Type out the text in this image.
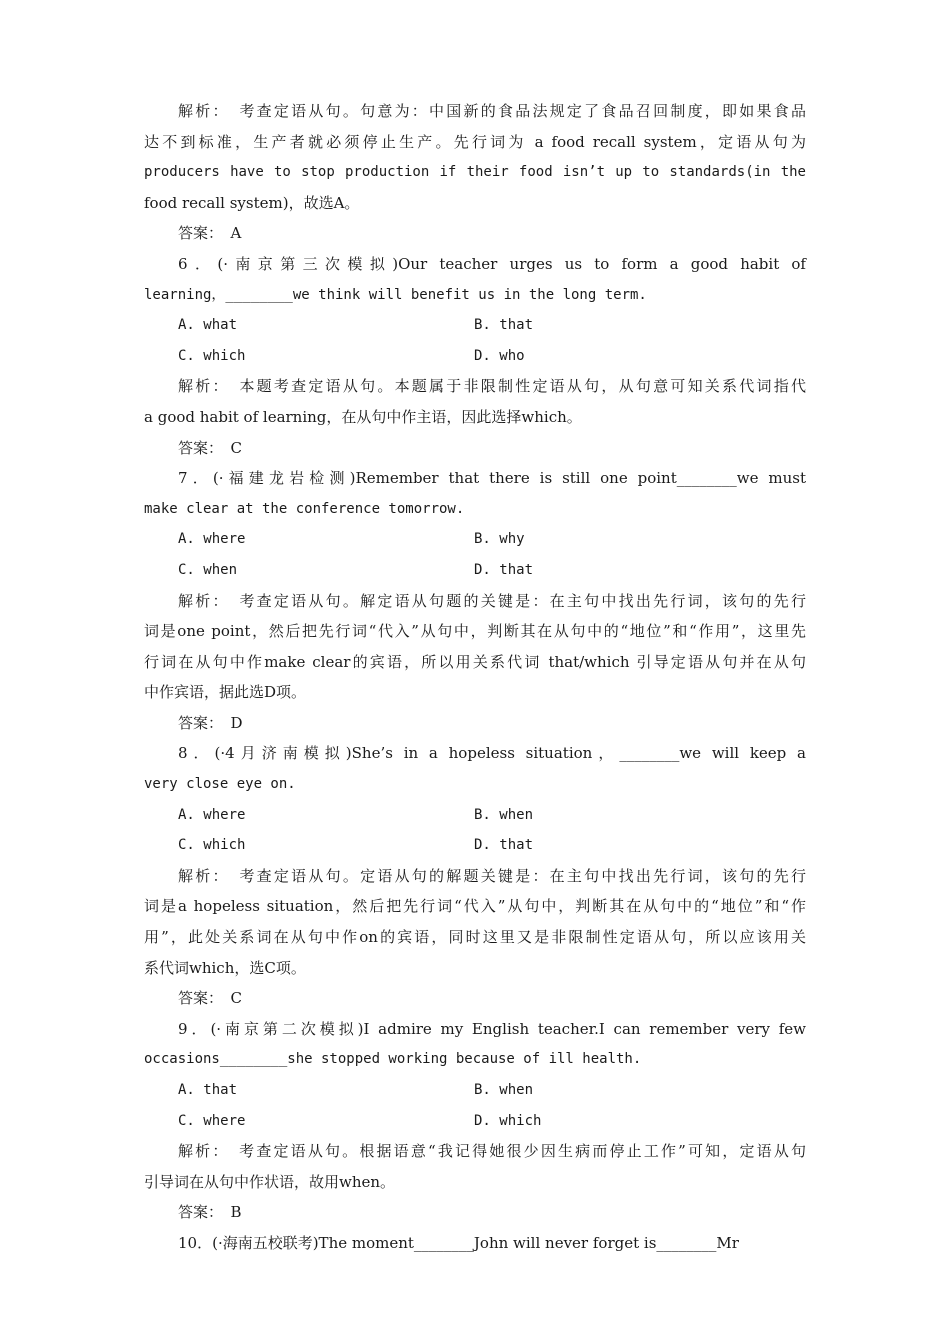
解析：　考查定语从句。句意为：中国新的食品法规定了食品召回制度，即如果食品

达不到标准，生产者就必须停止生产。先行词为 a food recall system，定语从句为

producers have to stop production if their food isn’t up to standards(in the

food recall system)，故选A。

答案：　A

6．(·南京第三次模拟)Our teacher urges us to form a good habit of

learning，________we think will benefit us in the long term.

A. what	B. that
C. which	D. who

解析：　本题考查定语从句。本题属于非限制性定语从句，从句意可知关系代词指代

a good habit of learning，在从句中作主语，因此选择which。

答案：　C

7．(·福建龙岩检测)Remember that there is still one point________we must

make clear at the conference tomorrow.

A. where	B. why
C. when	D. that

解析：　考查定语从句。解定语从句题的关键是：在主句中找出先行词，该句的先行

词是one point，然后把先行词“代入”从句中，判断其在从句中的“地位”和“作用”，这里先

行词在从句中作make clear的宾语，所以用关系代词 that/which 引导定语从句并在从句

中作宾语，据此选D项。

答案：　D

8．(·4月济南模拟)She’s in a hopeless situation，________we will keep a

very close eye on.

A. where	B. when
C. which	D. that

解析：　考查定语从句。定语从句的解题关键是：在主句中找出先行词，该句的先行

词是a hopeless situation，然后把先行词“代入”从句中，判断其在从句中的“地位”和“作

用”，此处关系词在从句中作on的宾语，同时这里又是非限制性定语从句，所以应该用关

系代词which，选C项。

答案：　C

9．(·南京第二次模拟)I admire my English teacher.I can remember very few

occasions________she stopped working because of ill health.

A. that	B. when
C. where	D. which

解析：　考查定语从句。根据语意“我记得她很少因生病而停止工作”可知，定语从句

引导词在从句中作状语，故用when。

答案：　B

10．(·海南五校联考)The moment________John will never forget is________Mr
